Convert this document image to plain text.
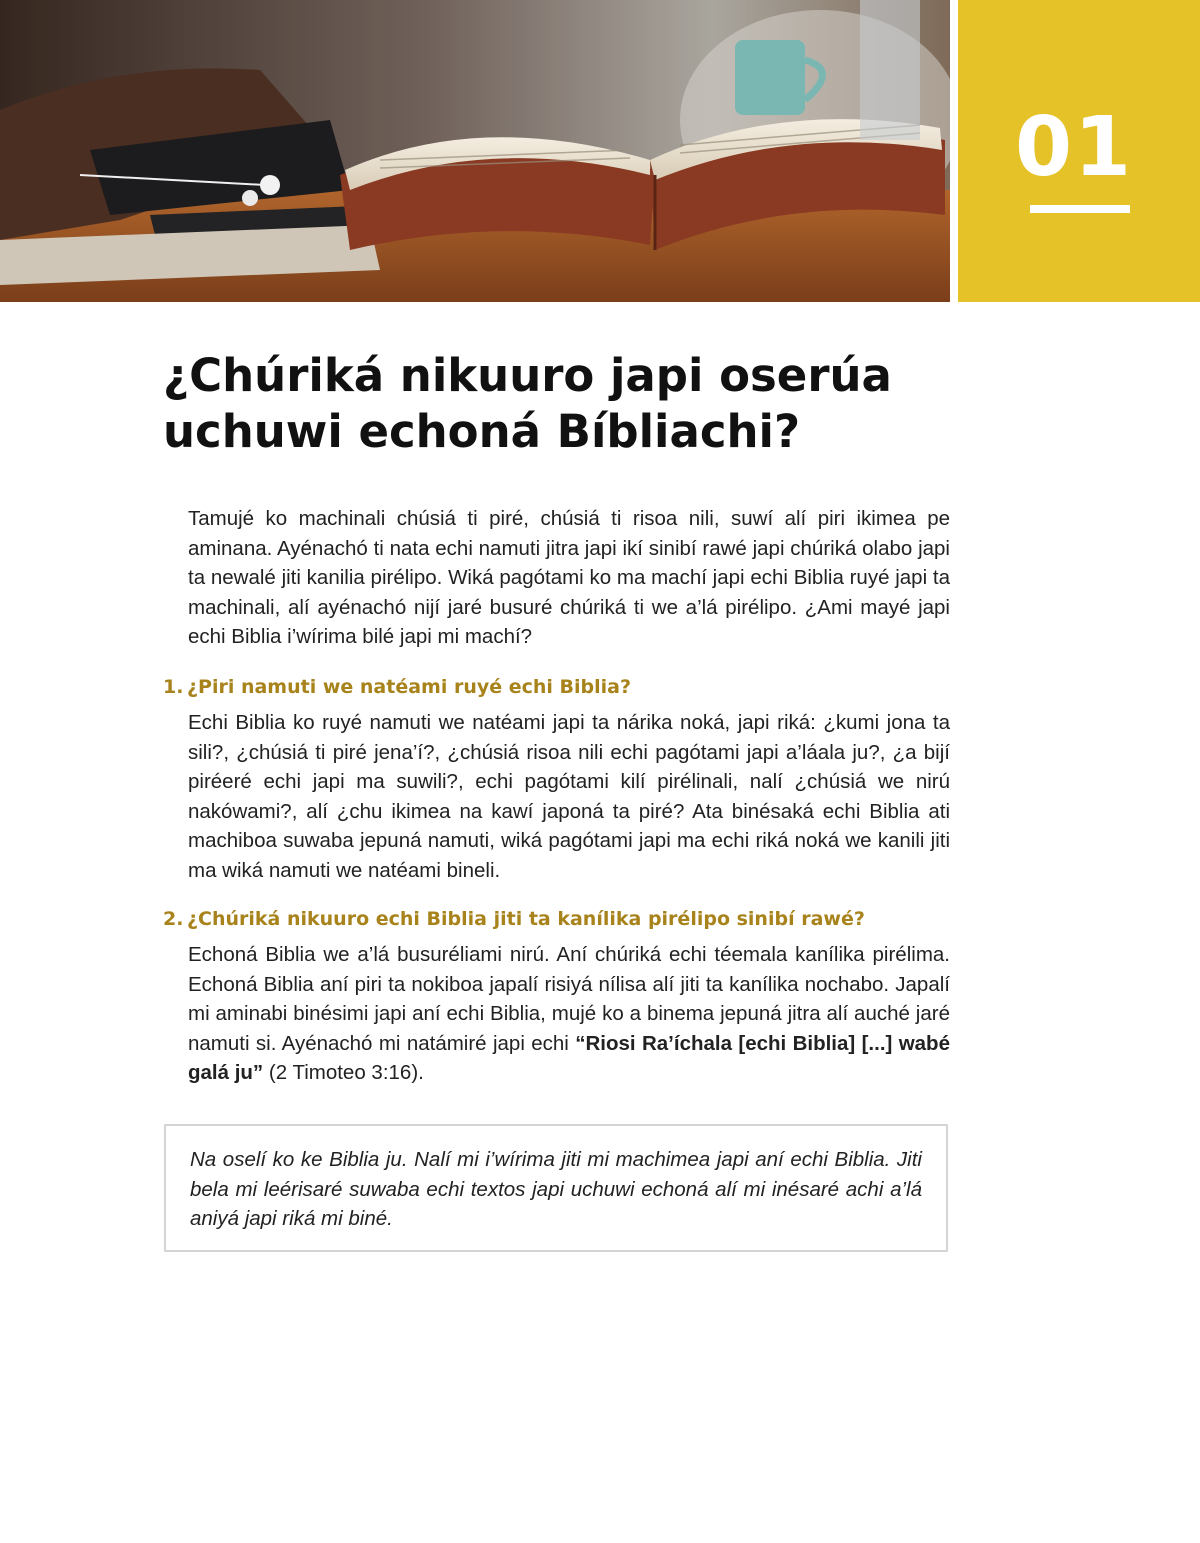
01
¿Chúriká nikuuro japi oserúa uchuwi echoná Bíbliachi?

Tamujé ko machinali chúsiá ti piré, chúsiá ti risoa nili, suwí alí piri ikimea pe aminana. Ayénachó ti nata echi namuti jitra japi ikí sinibí rawé japi chúriká olabo japi ta newalé jiti kanilia pirélipo. Wiká pagótami ko ma machí japi echi Biblia ruyé japi ta machinali, alí ayénachó nijí jaré busuré chúriká ti we a’lá pirélipo. ¿Ami mayé japi echi Biblia i’wírima bilé japi mi machí?

1. ¿Piri namuti we natéami ruyé echi Biblia?

Echi Biblia ko ruyé namuti we natéami japi ta nárika noká, japi riká: ¿kumi jona ta sili?, ¿chúsiá ti piré jena’í?, ¿chúsiá risoa nili echi pagótami japi a’láala ju?, ¿a bijí piréeré echi japi ma suwili?, echi pagótami kilí pirélinali, nalí ¿chúsiá we nirú nakówami?, alí ¿chu ikimea na kawí japoná ta piré? Ata binésaká echi Biblia ati machiboa suwaba jepuná namuti, wiká pagótami japi ma echi riká noká we kanili jiti ma wiká namuti we natéami bineli.

2. ¿Chúriká nikuuro echi Biblia jiti ta kanílika pirélipo sinibí rawé?

Echoná Biblia we a’lá busuréliami nirú. Aní chúriká echi téemala kanílika pirélima. Echoná Biblia aní piri ta nokiboa japalí risiyá nílisa alí jiti ta kanílika nochabo. Japalí mi aminabi binésimi japi aní echi Biblia, mujé ko a binema jepuná jitra alí auché jaré namuti si. Ayénachó mi natámiré japi echi “Riosi Ra’íchala [echi Biblia] [...] wabé galá ju” (2 Timoteo 3:16).

Na oselí ko ke Biblia ju. Nalí mi i’wírima jiti mi machimea japi aní echi Biblia. Jiti bela mi leérisaré suwaba echi textos japi uchuwi echoná alí mi inésaré achi a’lá aniyá japi riká mi biné.
